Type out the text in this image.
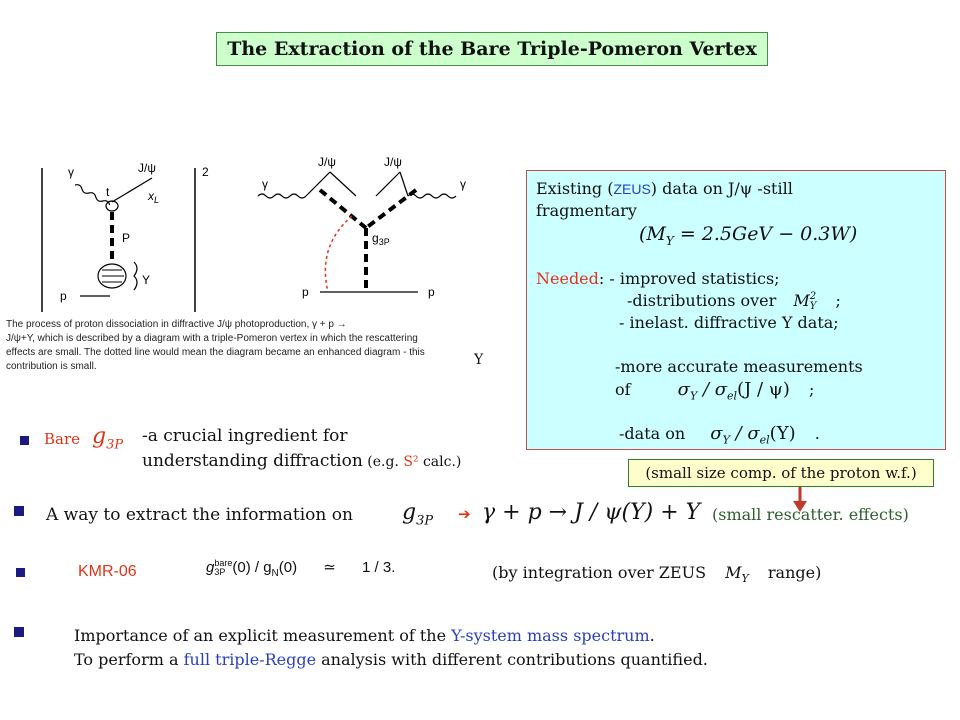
The Extraction of the Bare Triple-Pomeron Vertex
γ	J/ψ
t	$x_L$
P
Y
p
2
J/ψ	J/ψ
γ	γ
$g_{3P}$
p	p
The process of proton dissociation in diffractive J/ψ photoproduction, γ + p →
J/ψ+Y, which is described by a diagram with a triple-Pomeron vertex in which the rescattering
effects are small. The dotted line would mean the diagram became an enhanced diagram - this
contribution is small.	Υ
Existing (ZEUS) data on J/ψ -still
fragmentary
$(M_Y = 2.5GeV - 0.3W)$
Needed: - improved statistics;
-distributions over M 2
Y ;
- inelast. diffractive Υ data;
-more accurate measurements
of	$\sigma_Y / \sigma_{el}(J / \psi)$ ;
-data on $\sigma_Y / \sigma_{el}(\Upsilon)$ .
(small size comp. of the proton w.f.)
Bare $g_{3P}$ -a crucial ingredient for
understanding diffraction (e.g. S² calc.)
A way to extract the information on $g_{3P}$ ➔ γ + p → J / ψ(Υ) + Y (small rescatter. effects)
KMR-06	g bare
3P $(0) / g_N(0)$ ≃ 1 / 3.	(by integration over ZEUS $M_Y$ range)
Importance of an explicit measurement of the Y-system mass spectrum.
To perform a full triple-Regge analysis with different contributions quantified.
